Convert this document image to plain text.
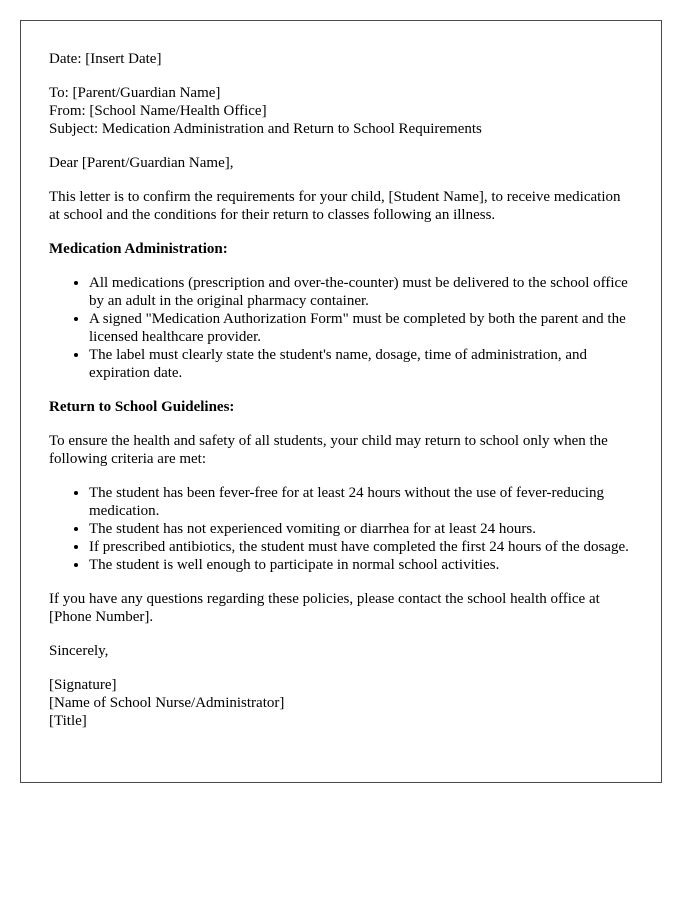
Date: [Insert Date]

To: [Parent/Guardian Name]
From: [School Name/Health Office]
Subject: Medication Administration and Return to School Requirements

Dear [Parent/Guardian Name],

This letter is to confirm the requirements for your child, [Student Name], to receive medication at school and the conditions for their return to classes following an illness.

Medication Administration:

• All medications (prescription and over-the-counter) must be delivered to the school office by an adult in the original pharmacy container.
• A signed "Medication Authorization Form" must be completed by both the parent and the licensed healthcare provider.
• The label must clearly state the student's name, dosage, time of administration, and expiration date.

Return to School Guidelines:

To ensure the health and safety of all students, your child may return to school only when the following criteria are met:

• The student has been fever-free for at least 24 hours without the use of fever-reducing medication.
• The student has not experienced vomiting or diarrhea for at least 24 hours.
• If prescribed antibiotics, the student must have completed the first 24 hours of the dosage.
• The student is well enough to participate in normal school activities.

If you have any questions regarding these policies, please contact the school health office at [Phone Number].

Sincerely,

[Signature]
[Name of School Nurse/Administrator]
[Title]
